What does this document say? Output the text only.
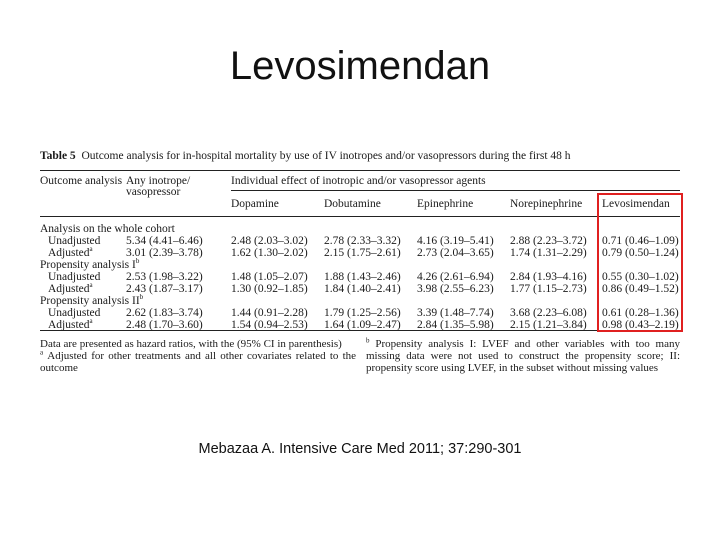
Levosimendan
Table 5 Outcome analysis for in-hospital mortality by use of IV inotropes and/or vasopressors during the first 48 h
Outcome analysis Any inotrope/
vasopressor
Individual effect of inotropic and/or vasopressor agents
Dopamine	Dobutamine	Epinephrine	Norepinephrine Levosimendan
Analysis on the whole cohort
Unadjusted 5.34 (4.41–6.46) 2.48 (2.03–3.02) 2.78 (2.33–3.32) 4.16 (3.19–5.41) 2.88 (2.23–3.72) 0.71 (0.46–1.09)
Adjusted$^a$	3.01 (2.39–3.78) 1.62 (1.30–2.02) 2.15 (1.75–2.61) 2.73 (2.04–3.65) 1.74 (1.31–2.29) 0.79 (0.50–1.24)
Propensity analysis $I^b$
Unadjusted 2.53 (1.98–3.22) 1.48 (1.05–2.07) 1.88 (1.43–2.46) 4.26 (2.61–6.94) 2.84 (1.93–4.16) 0.55 (0.30–1.02)
Adjusted$^a$	2.43 (1.87–3.17) 1.30 (0.92–1.85) 1.84 (1.40–2.41) 3.98 (2.55–6.23) 1.77 (1.15–2.73) 0.86 (0.49–1.52)
Propensity analysis $II^b$
Unadjusted 2.62 (1.83–3.74) 1.44 (0.91–2.28) 1.79 (1.25–2.56) 3.39 (1.48–7.74) 3.68 (2.23–6.08) 0.61 (0.28–1.36)
Adjusted$^a$	2.48 (1.70–3.60) 1.54 (0.94–2.53) 1.64 (1.09–2.47) 2.84 (1.35–5.98) 2.15 (1.21–3.84) 0.98 (0.43–2.19)
Data are presented as hazard ratios, with the (95% CI in parenthesis)
$^a$ Adjusted for other treatments and all other covariates related to the outcome
$^b$ Propensity analysis I: LVEF and other variables with too many missing data were not used to construct the propensity score; II: propensity score using LVEF, in the subset without missing values
Mebazaa A. Intensive Care Med 2011; 37:290-301
